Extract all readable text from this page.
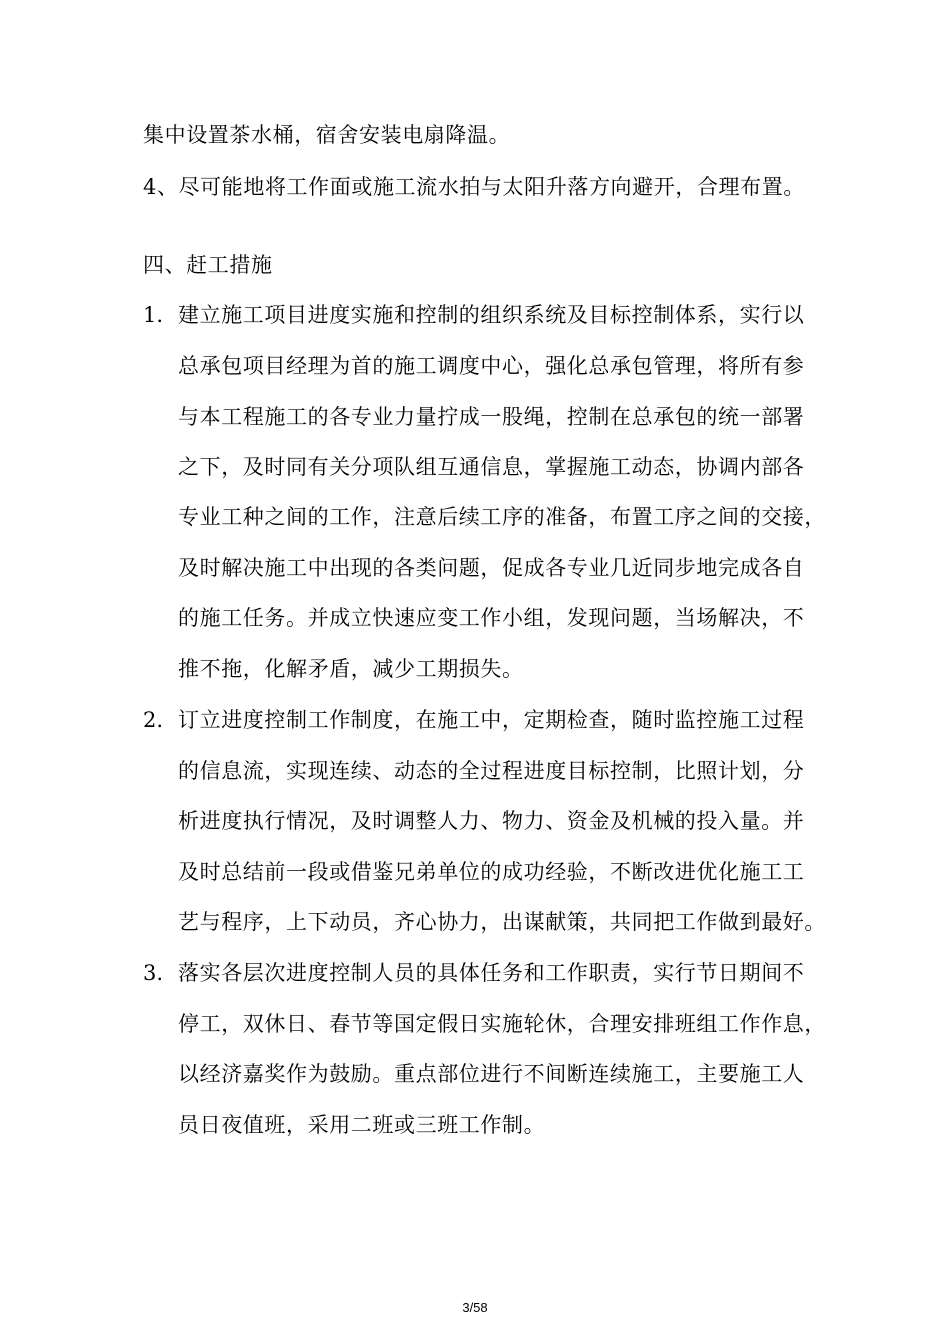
集中设置茶水桶，宿舍安装电扇降温。
4、尽可能地将工作面或施工流水拍与太阳升落方向避开，合理布置。
四、赶工措施
1. 建立施工项目进度实施和控制的组织系统及目标控制体系，实行以
总承包项目经理为首的施工调度中心，强化总承包管理，将所有参
与本工程施工的各专业力量拧成一股绳，控制在总承包的统一部署
之下，及时同有关分项队组互通信息，掌握施工动态，协调内部各
专业工种之间的工作，注意后续工序的准备，布置工序之间的交接，
及时解决施工中出现的各类问题，促成各专业几近同步地完成各自
的施工任务。并成立快速应变工作小组，发现问题，当场解决，不
推不拖，化解矛盾，减少工期损失。
2. 订立进度控制工作制度，在施工中，定期检查，随时监控施工过程
的信息流，实现连续、动态的全过程进度目标控制，比照计划，分
析进度执行情况，及时调整人力、物力、资金及机械的投入量。并
及时总结前一段或借鉴兄弟单位的成功经验，不断改进优化施工工
艺与程序，上下动员，齐心协力，出谋献策，共同把工作做到最好。
3. 落实各层次进度控制人员的具体任务和工作职责，实行节日期间不
停工，双休日、春节等国定假日实施轮休，合理安排班组工作作息，
以经济嘉奖作为鼓励。重点部位进行不间断连续施工，主要施工人
员日夜值班，采用二班或三班工作制。
3/58
